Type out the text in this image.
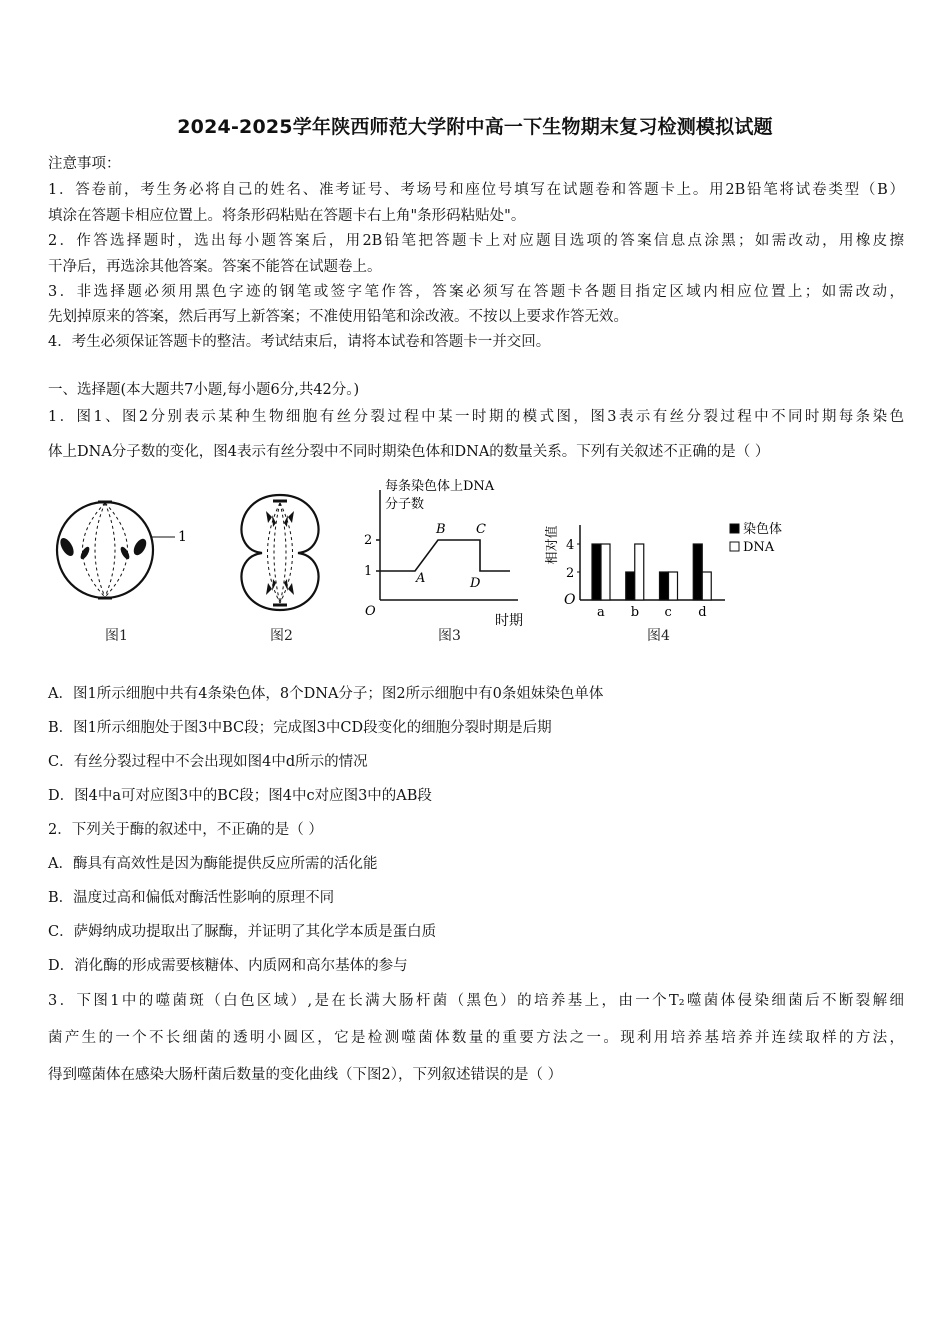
2024-2025学年陕西师范大学附中高一下生物期末复习检测模拟试题
注意事项：
1．答卷前，考生务必将自己的姓名、准考证号、考场号和座位号填写在试题卷和答题卡上。用2B铅笔将试卷类型（B）
填涂在答题卡相应位置上。将条形码粘贴在答题卡右上角"条形码粘贴处"。
2．作答选择题时，选出每小题答案后，用2B铅笔把答题卡上对应题目选项的答案信息点涂黑；如需改动，用橡皮擦
干净后，再选涂其他答案。答案不能答在试题卷上。
3．非选择题必须用黑色字迹的钢笔或签字笔作答，答案必须写在答题卡各题目指定区域内相应位置上；如需改动，
先划掉原来的答案，然后再写上新答案；不准使用铅笔和涂改液。不按以上要求作答无效。
4．考生必须保证答题卡的整洁。考试结束后，请将本试卷和答题卡一并交回。
一、选择题(本大题共7小题,每小题6分,共42分。)
1．图1、图2分别表示某种生物细胞有丝分裂过程中某一时期的模式图，图3表示有丝分裂过程中不同时期每条染色
体上DNA分子数的变化，图4表示有丝分裂中不同时期染色体和DNA的数量关系。下列有关叙述不正确的是（ ）
1
每条染色体上DNA
分子数
2
1
O
A
B C
D
时期
相对值 4
2
O
a b c d
染色体
DNA
图1	图2	图3	图4
A．图1所示细胞中共有4条染色体，8个DNA分子；图2所示细胞中有0条姐妹染色单体
B．图1所示细胞处于图3中BC段；完成图3中CD段变化的细胞分裂时期是后期
C．有丝分裂过程中不会出现如图4中d所示的情况
D．图4中a可对应图3中的BC段；图4中c对应图3中的AB段
2．下列关于酶的叙述中，不正确的是（ ）
A．酶具有高效性是因为酶能提供反应所需的活化能
B．温度过高和偏低对酶活性影响的原理不同
C．萨姆纳成功提取出了脲酶，并证明了其化学本质是蛋白质
D．消化酶的形成需要核糖体、内质网和高尔基体的参与
3．下图1中的噬菌斑（白色区域）,是在长满大肠杆菌（黑色）的培养基上，由一个T₂噬菌体侵染细菌后不断裂解细
菌产生的一个不长细菌的透明小圆区，它是检测噬菌体数量的重要方法之一。现利用培养基培养并连续取样的方法，
得到噬菌体在感染大肠杆菌后数量的变化曲线（下图2），下列叙述错误的是（ ）
